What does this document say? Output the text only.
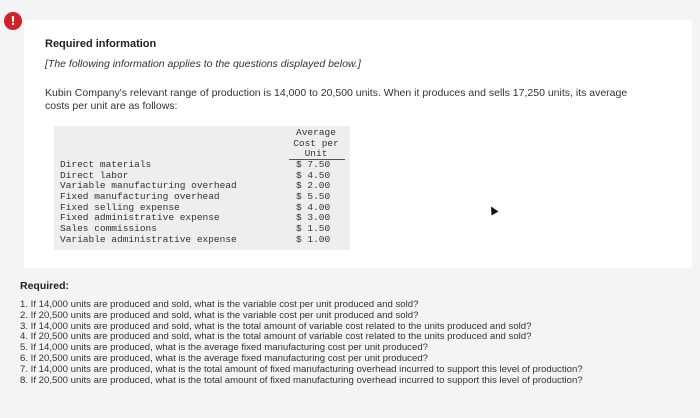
!
Required information
[The following information applies to the questions displayed below.]
Kubin Company's relevant range of production is 14,000 to 20,500 units. When it produces and sells 17,250 units, its average costs per unit are as follows:
Average
Cost per
Unit
Direct materials	$ 7.50
Direct labor	$ 4.50
Variable manufacturing overhead	$ 2.00
Fixed manufacturing overhead	$ 5.50
Fixed selling expense	$ 4.00
Fixed administrative expense	$ 3.00
Sales commissions	$ 1.50
Variable administrative expense	$ 1.00
Required:
1. If 14,000 units are produced and sold, what is the variable cost per unit produced and sold?
2. If 20,500 units are produced and sold, what is the variable cost per unit produced and sold?
3. If 14,000 units are produced and sold, what is the total amount of variable cost related to the units produced and sold?
4. If 20,500 units are produced and sold, what is the total amount of variable cost related to the units produced and sold?
5. If 14,000 units are produced, what is the average fixed manufacturing cost per unit produced?
6. If 20,500 units are produced, what is the average fixed manufacturing cost per unit produced?
7. If 14,000 units are produced, what is the total amount of fixed manufacturing overhead incurred to support this level of production?
8. If 20,500 units are produced, what is the total amount of fixed manufacturing overhead incurred to support this level of production?
